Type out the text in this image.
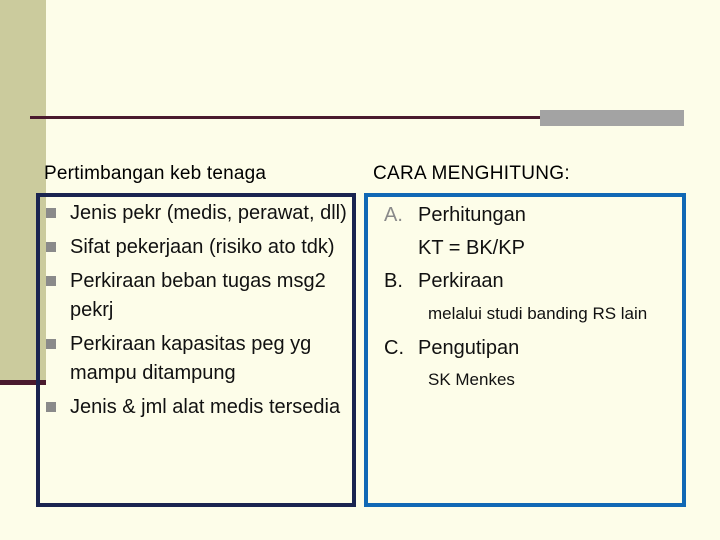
Pertimbangan keb tenaga	CARA MENGHITUNG:
Jenis pekr (medis, perawat, dll)
Sifat pekerjaan (risiko ato tdk)
Perkiraan beban tugas msg2 pekrj
Perkiraan kapasitas peg yg mampu ditampung
Jenis & jml alat medis tersedia
A. Perhitungan
KT = BK/KP
B. Perkiraan
melalui studi banding RS lain
C. Pengutipan
SK Menkes
